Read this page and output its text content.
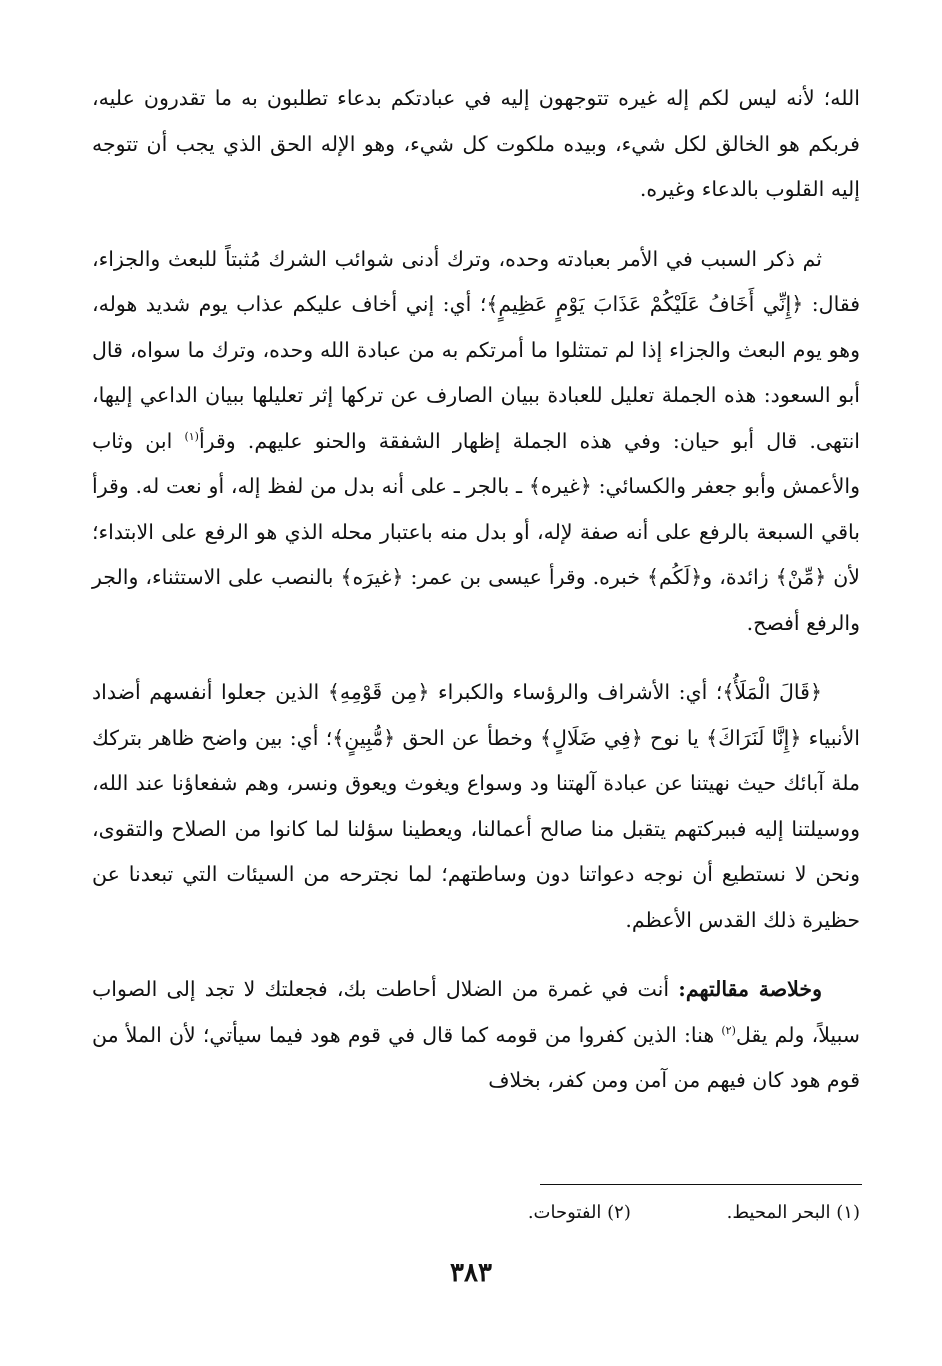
الله؛ لأنه ليس لكم إله غيره تتوجهون إليه في عبادتكم بدعاء تطلبون به ما تقدرون عليه، فربكم هو الخالق لكل شيء، وبيده ملكوت كل شيء، وهو الإله الحق الذي يجب أن تتوجه إليه القلوب بالدعاء وغيره.

ثم ذكر السبب في الأمر بعبادته وحده، وترك أدنى شوائب الشرك مُثبتاً للبعث والجزاء، فقال: ﴿إِنِّي أَخَافُ عَلَيْكُمْ عَذَابَ يَوْمٍ عَظِيمٍ﴾؛ أي: إني أخاف عليكم عذاب يوم شديد هوله، وهو يوم البعث والجزاء إذا لم تمتثلوا ما أمرتكم به من عبادة الله وحده، وترك ما سواه، قال أبو السعود: هذه الجملة تعليل للعبادة ببيان الصارف عن تركها إثر تعليلها ببيان الداعي إليها، انتهى. قال أبو حيان: وفي هذه الجملة إظهار الشفقة والحنو عليهم. وقرأ$^{(١)}$ ابن وثاب والأعمش وأبو جعفر والكسائي: ﴿غيره﴾ ـ بالجر ـ على أنه بدل من لفظ إله، أو نعت له. وقرأ باقي السبعة بالرفع على أنه صفة لإله، أو بدل منه باعتبار محله الذي هو الرفع على الابتداء؛ لأن ﴿مِّنْ﴾ زائدة، و﴿لَكُم﴾ خبره. وقرأ عيسى بن عمر: ﴿غيرَه﴾ بالنصب على الاستثناء، والجر والرفع أفصح.

﴿قَالَ الْمَلَأُ﴾؛ أي: الأشراف والرؤساء والكبراء ﴿مِن قَوْمِهِ﴾ الذين جعلوا أنفسهم أضداد الأنبياء ﴿إِنَّا لَنَرَاكَ﴾ يا نوح ﴿فِي ضَلَالٍ﴾ وخطأ عن الحق ﴿مُّبِينٍ﴾؛ أي: بين واضح ظاهر بتركك ملة آبائك حيث نهيتنا عن عبادة آلهتنا ود وسواع ويغوث ويعوق ونسر، وهم شفعاؤنا عند الله، ووسيلتنا إليه فببركتهم يتقبل منا صالح أعمالنا، ويعطينا سؤلنا لما كانوا من الصلاح والتقوى، ونحن لا نستطيع أن نوجه دعواتنا دون وساطتهم؛ لما نجترحه من السيئات التي تبعدنا عن حظيرة ذلك القدس الأعظم.

وخلاصة مقالتهم: أنت في غمرة من الضلال أحاطت بك، فجعلتك لا تجد إلى الصواب سبيلاً، ولم يقل$^{(٢)}$ هنا: الذين كفروا من قومه كما قال في قوم هود فيما سيأتي؛ لأن الملأ من قوم هود كان فيهم من آمن ومن كفر، بخلاف

(١) البحر المحيط. (٢) الفتوحات.
٣٨٣
